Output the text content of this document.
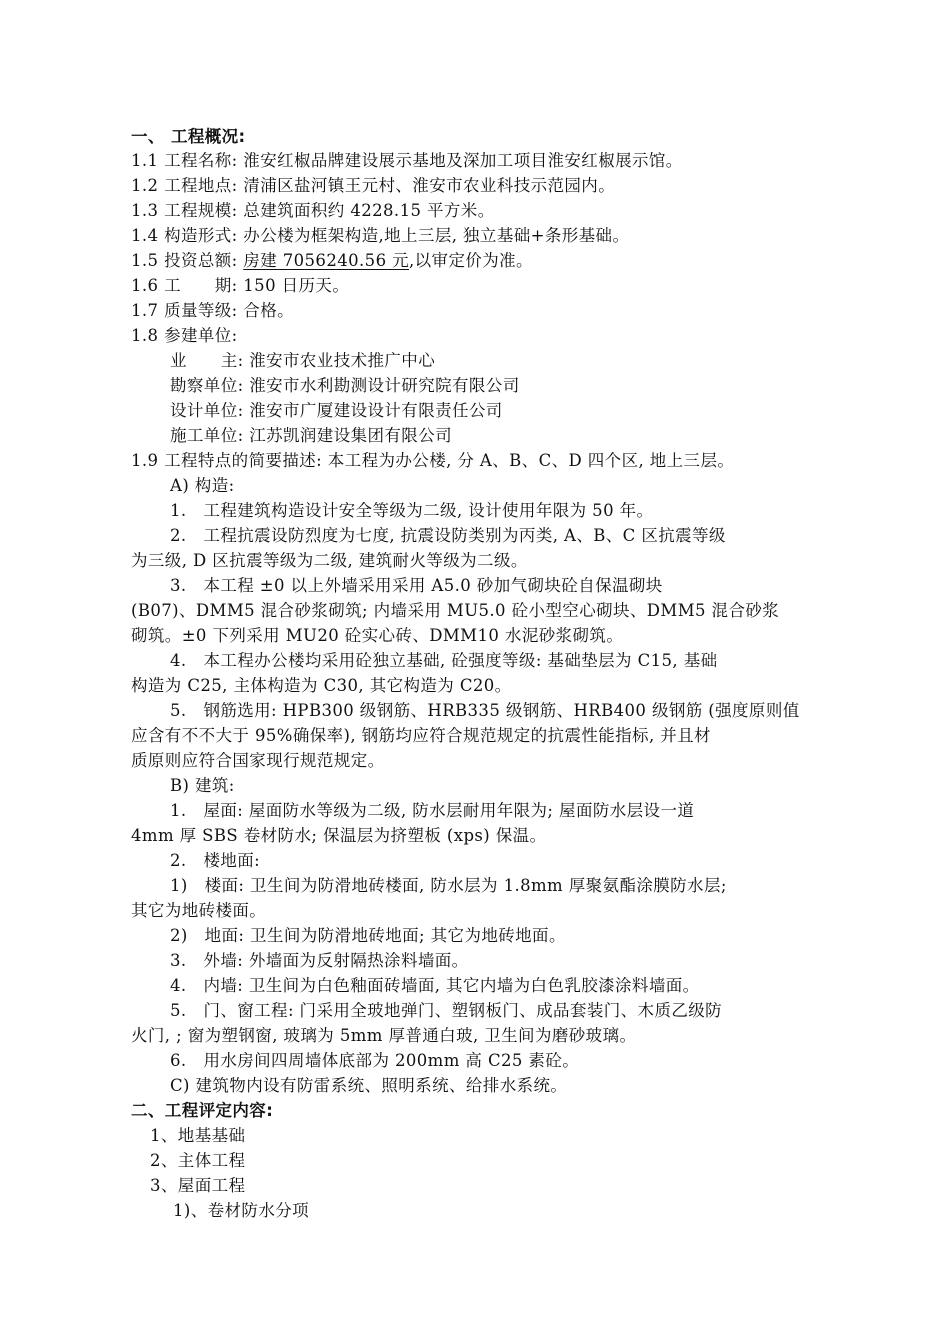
一、 工程概况:
1.1 工程名称: 淮安红椒品牌建设展示基地及深加工项目淮安红椒展示馆。
1.2 工程地点: 清浦区盐河镇王元村、淮安市农业科技示范园内。
1.3 工程规模: 总建筑面积约 4228.15 平方米。
1.4 构造形式: 办公楼为框架构造,地上三层, 独立基础+条形基础。
1.5 投资总额: 房建 7056240.56 元,以审定价为准。
1.6 工　　期: 150 日历天。
1.7 质量等级: 合格。
1.8 参建单位:
业　　主: 淮安市农业技术推广中心
勘察单位: 淮安市水利勘测设计研究院有限公司
设计单位: 淮安市广厦建设设计有限责任公司
施工单位: 江苏凯润建设集团有限公司
1.9 工程特点的简要描述: 本工程为办公楼, 分 A、B、C、D 四个区, 地上三层。
A) 构造:
1.　工程建筑构造设计安全等级为二级, 设计使用年限为 50 年。
2.　工程抗震设防烈度为七度, 抗震设防类别为丙类, A、B、C 区抗震等级
为三级, D 区抗震等级为二级, 建筑耐火等级为二级。
3.　本工程 ±0 以上外墙采用采用 A5.0 砂加气砌块砼自保温砌块
(B07)、DMM5 混合砂浆砌筑; 内墙采用 MU5.0 砼小型空心砌块、DMM5 混合砂浆
砌筑。±0 下列采用 MU20 砼实心砖、DMM10 水泥砂浆砌筑。
4.　本工程办公楼均采用砼独立基础, 砼强度等级: 基础垫层为 C15, 基础
构造为 C25, 主体构造为 C30, 其它构造为 C20。
5.　钢筋选用: HPB300 级钢筋、HRB335 级钢筋、HRB400 级钢筋 (强度原则值
应含有不不大于 95%确保率), 钢筋均应符合规范规定的抗震性能指标, 并且材
质原则应符合国家现行规范规定。
B) 建筑:
1.　屋面: 屋面防水等级为二级, 防水层耐用年限为; 屋面防水层设一道
4mm 厚 SBS 卷材防水; 保温层为挤塑板 (xps) 保温。
2.　楼地面:
1)　楼面: 卫生间为防滑地砖楼面, 防水层为 1.8mm 厚聚氨酯涂膜防水层;
其它为地砖楼面。
2)　地面: 卫生间为防滑地砖地面; 其它为地砖地面。
3.　外墙: 外墙面为反射隔热涂料墙面。
4.　内墙: 卫生间为白色釉面砖墙面, 其它内墙为白色乳胶漆涂料墙面。
5.　门、窗工程: 门采用全玻地弹门、塑钢板门、成品套装门、木质乙级防
火门, ; 窗为塑钢窗, 玻璃为 5mm 厚普通白玻, 卫生间为磨砂玻璃。
6.　用水房间四周墙体底部为 200mm 高 C25 素砼。
C) 建筑物内设有防雷系统、照明系统、给排水系统。
二、工程评定内容:
1、地基基础
2、主体工程
3、屋面工程
1)、卷材防水分项
